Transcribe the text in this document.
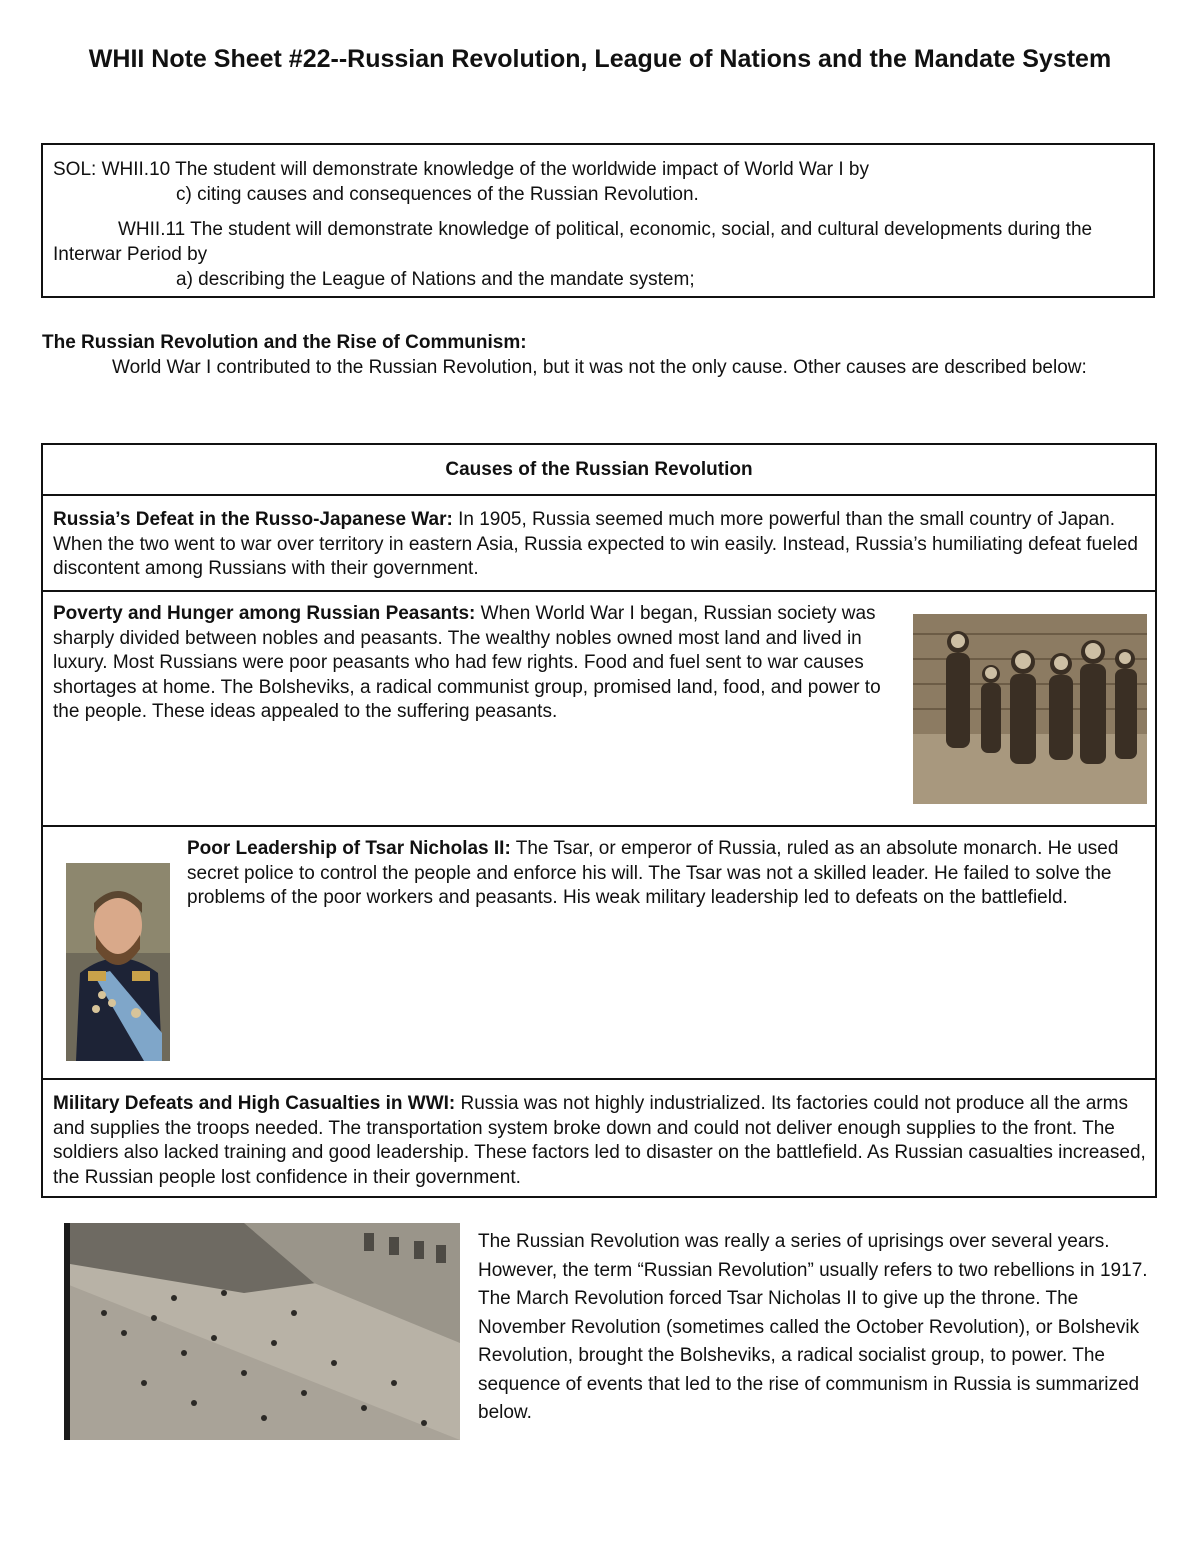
WHII Note Sheet #22--Russian Revolution, League of Nations and the Mandate System

SOL: WHII.10 The student will demonstrate knowledge of the worldwide impact of World War I by

c) citing causes and consequences of the Russian Revolution.

WHII.11 The student will demonstrate knowledge of political, economic, social, and cultural developments during the Interwar Period by

a) describing the League of Nations and the mandate system;

The Russian Revolution and the Rise of Communism:
World War I contributed to the Russian Revolution, but it was not the only cause. Other causes are described below:
Causes of the Russian Revolution
Russia’s Defeat in the Russo-Japanese War: In 1905, Russia seemed much more powerful than the small country of Japan. When the two went to war over territory in eastern Asia, Russia expected to win easily. Instead, Russia’s humiliating defeat fueled discontent among Russians with their government.
Poverty and Hunger among Russian Peasants: When World War I began, Russian society was sharply divided between nobles and peasants. The wealthy nobles owned most land and lived in luxury. Most Russians were poor peasants who had few rights. Food and fuel sent to war causes shortages at home. The Bolsheviks, a radical communist group, promised land, food, and power to the people. These ideas appealed to the suffering peasants.
Poor Leadership of Tsar Nicholas II: The Tsar, or emperor of Russia, ruled as an absolute monarch. He used secret police to control the people and enforce his will. The Tsar was not a skilled leader. He failed to solve the problems of the poor workers and peasants. His weak military leadership led to defeats on the battlefield.
Military Defeats and High Casualties in WWI: Russia was not highly industrialized. Its factories could not produce all the arms and supplies the troops needed. The transportation system broke down and could not deliver enough supplies to the front. The soldiers also lacked training and good leadership. These factors led to disaster on the battlefield. As Russian casualties increased, the Russian people lost confidence in their government.
The Russian Revolution was really a series of uprisings over several years. However, the term “Russian Revolution” usually refers to two rebellions in 1917. The March Revolution forced Tsar Nicholas II to give up the throne. The November Revolution (sometimes called the October Revolution), or Bolshevik Revolution, brought the Bolsheviks, a radical socialist group, to power. The sequence of events that led to the rise of communism in Russia is summarized below.
